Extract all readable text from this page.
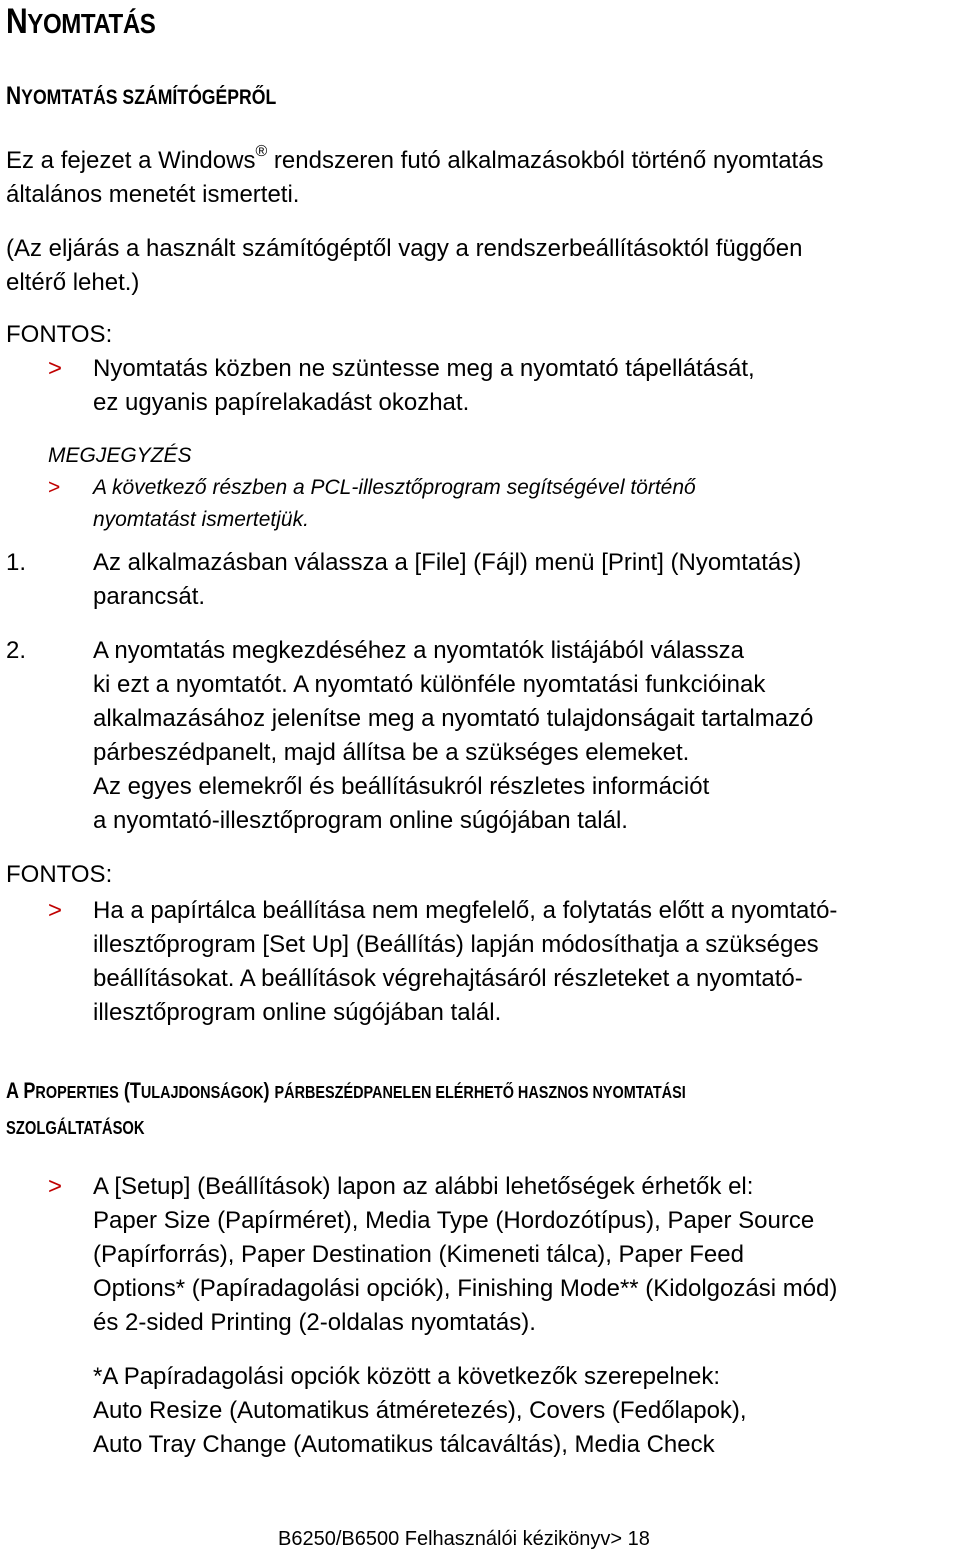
NYOMTATÁS
NYOMTATÁS SZÁMÍTÓGÉPRŐL
Ez a fejezet a Windows® rendszeren futó alkalmazásokból történő nyomtatás
általános menetét ismerteti.
(Az eljárás a használt számítógéptől vagy a rendszerbeállításoktól függően
eltérő lehet.)
FONTOS:
> Nyomtatás közben ne szüntesse meg a nyomtató tápellátását,
ez ugyanis papírelakadást okozhat.
MEGJEGYZÉS
> A következő részben a PCL-illesztőprogram segítségével történő
nyomtatást ismertetjük.
1.	Az alkalmazásban válassza a [File] (Fájl) menü [Print] (Nyomtatás)
parancsát.
2.	A nyomtatás megkezdéséhez a nyomtatók listájából válassza
ki ezt a nyomtatót. A nyomtató különféle nyomtatási funkcióinak
alkalmazásához jelenítse meg a nyomtató tulajdonságait tartalmazó
párbeszédpanelt, majd állítsa be a szükséges elemeket.
Az egyes elemekről és beállításukról részletes információt
a nyomtató-illesztőprogram online súgójában talál.
FONTOS:
> Ha a papírtálca beállítása nem megfelelő, a folytatás előtt a nyomtató-
illesztőprogram [Set Up] (Beállítás) lapján módosíthatja a szükséges
beállításokat. A beállítások végrehajtásáról részleteket a nyomtató-
illesztőprogram online súgójában talál.
A PROPERTIES (TULAJDONSÁGOK) PÁRBESZÉDPANELEN ELÉRHETŐ HASZNOS NYOMTATÁSI
SZOLGÁLTATÁSOK
> A [Setup] (Beállítások) lapon az alábbi lehetőségek érhetők el:
Paper Size (Papírméret), Media Type (Hordozótípus), Paper Source
(Papírforrás), Paper Destination (Kimeneti tálca), Paper Feed
Options* (Papíradagolási opciók), Finishing Mode** (Kidolgozási mód)
és 2-sided Printing (2-oldalas nyomtatás).
*A Papíradagolási opciók között a következők szerepelnek:
Auto Resize (Automatikus átméretezés), Covers (Fedőlapok),
Auto Tray Change (Automatikus tálcaváltás), Media Check
B6250/B6500 Felhasználói kézikönyv> 18
